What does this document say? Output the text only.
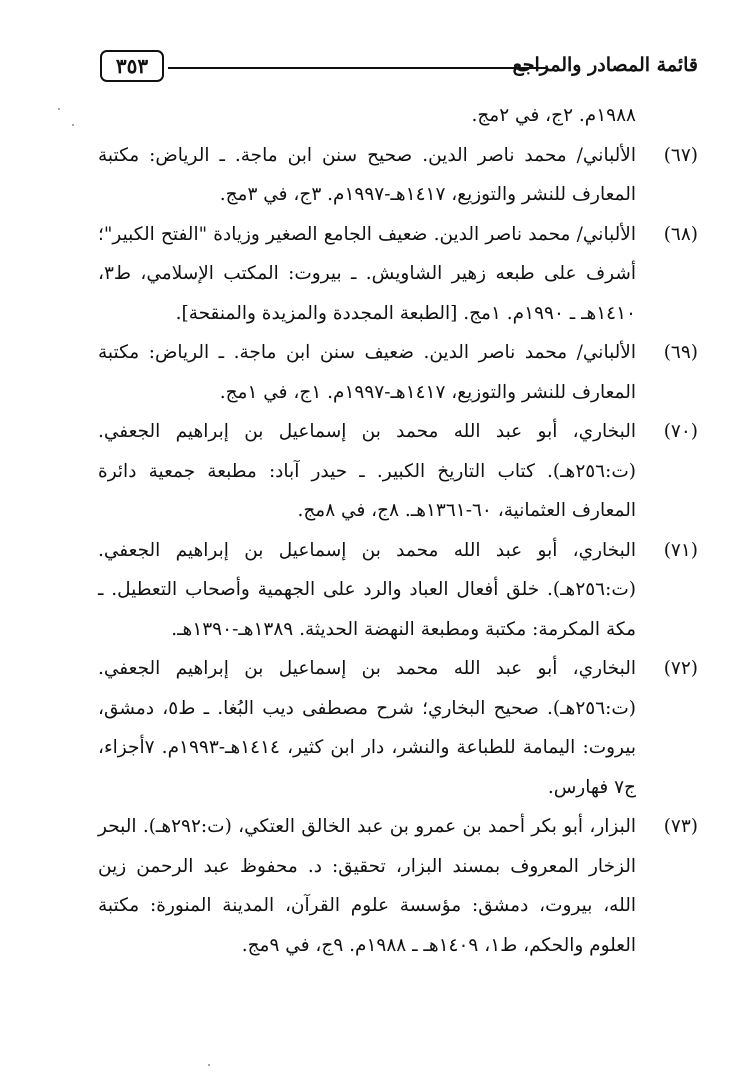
قائمة المصادر والمراجع
٣٥٣

١٩٨٨م. ٢ج، في ٢مج.

(٦٧)
الألباني/ محمد ناصر الدين. صحيح سنن ابن ماجة. ـ الرياض: مكتبة المعارف للنشر والتوزيع، ١٤١٧هـ-١٩٩٧م. ٣ج، في ٣مج.
(٦٨)
الألباني/ محمد ناصر الدين. ضعيف الجامع الصغير وزيادة "الفتح الكبير"؛ أشرف على طبعه زهير الشاويش. ـ بيروت: المكتب الإسلامي، ط٣، ١٤١٠هـ ـ ١٩٩٠م. ١مج. [الطبعة المجددة والمزيدة والمنقحة].
(٦٩)
الألباني/ محمد ناصر الدين. ضعيف سنن ابن ماجة. ـ الرياض: مكتبة المعارف للنشر والتوزيع، ١٤١٧هـ-١٩٩٧م. ١ج، في ١مج.
(٧٠)
البخاري، أبو عبد الله محمد بن إسماعيل بن إبراهيم الجعفي. (ت:٢٥٦هـ). كتاب التاريخ الكبير. ـ حيدر آباد: مطبعة جمعية دائرة المعارف العثمانية، ٦٠-١٣٦١هـ. ٨ج، في ٨مج.
(٧١)
البخاري، أبو عبد الله محمد بن إسماعيل بن إبراهيم الجعفي. (ت:٢٥٦هـ). خلق أفعال العباد والرد على الجهمية وأصحاب التعطيل. ـ مكة المكرمة: مكتبة ومطبعة النهضة الحديثة. ١٣٨٩هـ-١٣٩٠هـ.
(٧٢)
البخاري، أبو عبد الله محمد بن إسماعيل بن إبراهيم الجعفي. (ت:٢٥٦هـ). صحيح البخاري؛ شرح مصطفى ديب البُغا. ـ ط٥، دمشق، بيروت: اليمامة للطباعة والنشر، دار ابن كثير، ١٤١٤هـ-١٩٩٣م. ٧أجزاء، ج٧ فهارس.
(٧٣)
البزار، أبو بكر أحمد بن عمرو بن عبد الخالق العتكي، (ت:٢٩٢هـ). البحر الزخار المعروف بمسند البزار، تحقيق: د. محفوظ عبد الرحمن زين الله، بيروت، دمشق: مؤسسة علوم القرآن، المدينة المنورة: مكتبة العلوم والحكم، ط١، ١٤٠٩هـ ـ ١٩٨٨م. ٩ج، في ٩مج.
